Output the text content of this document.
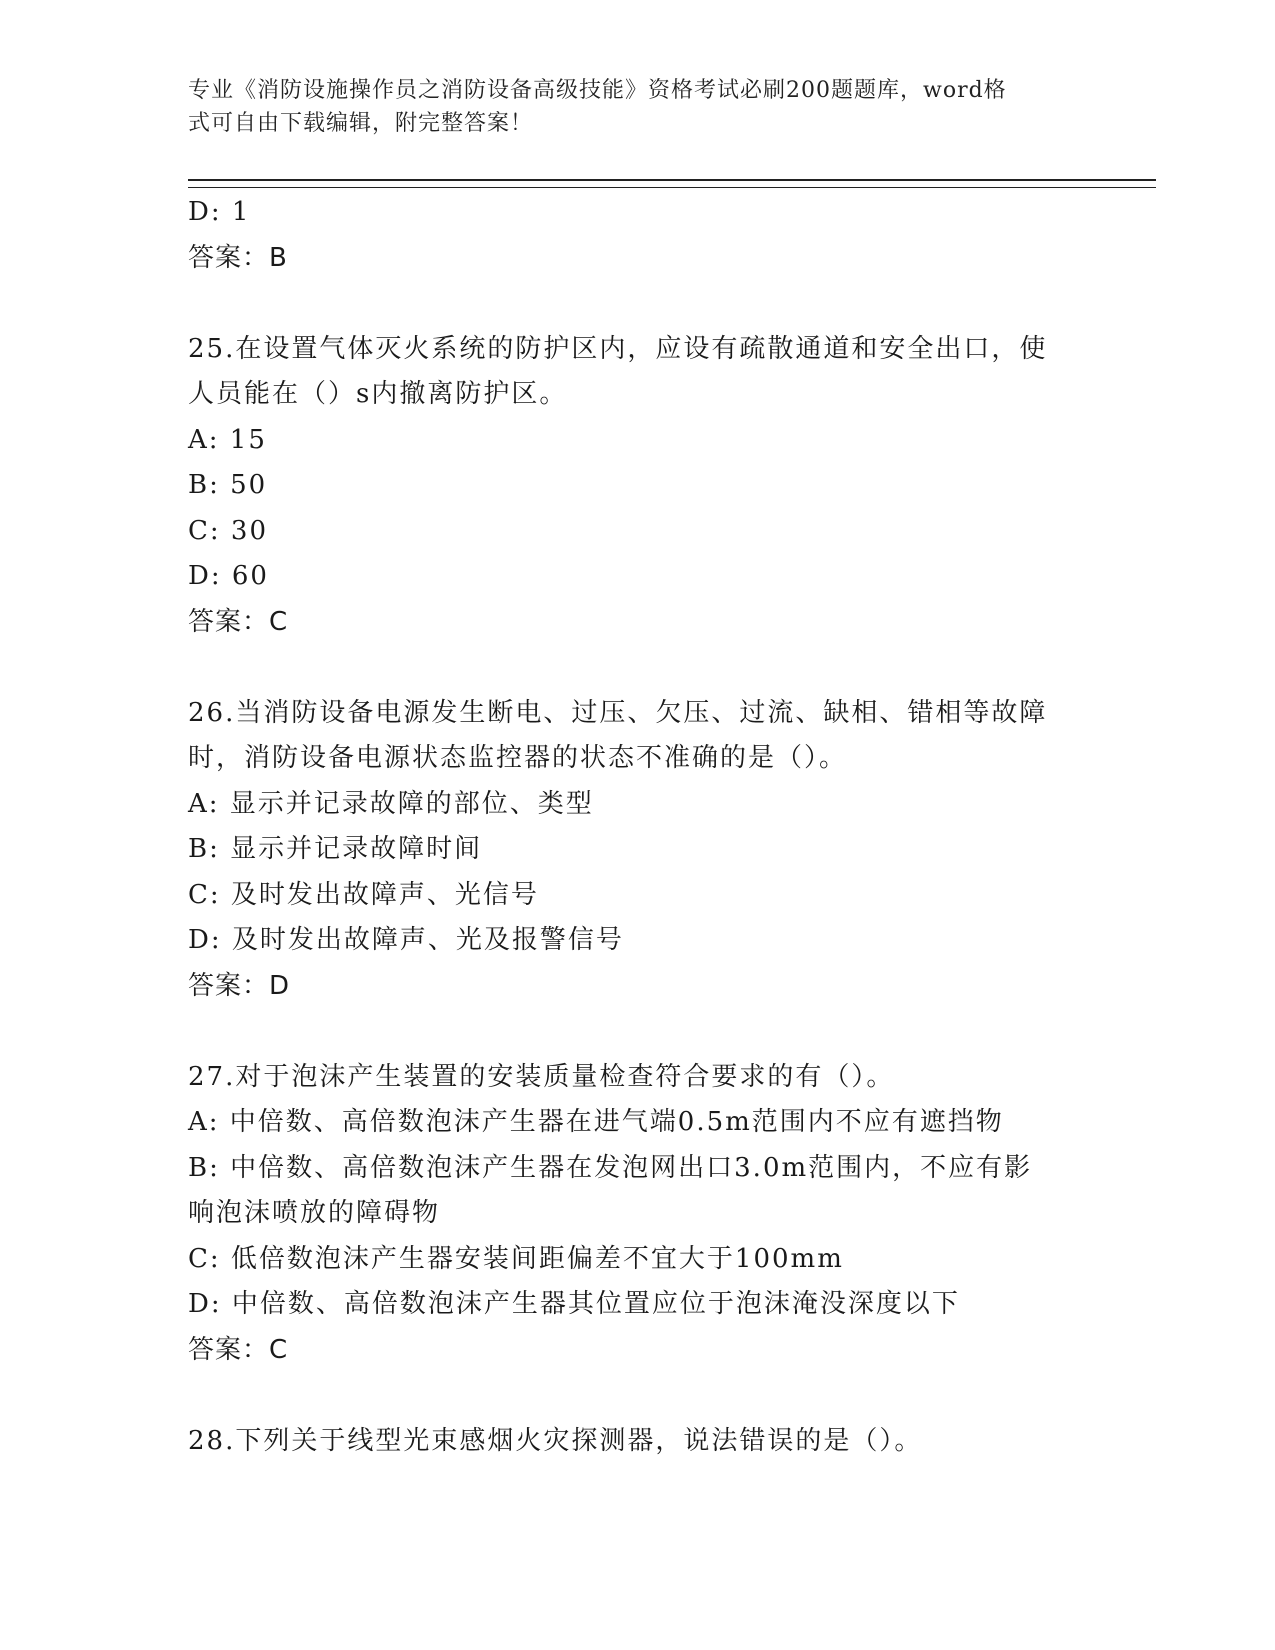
专业《消防设施操作员之消防设备高级技能》资格考试必刷200题题库，word格
式可自由下载编辑，附完整答案！
D: 1
答案：B
25.在设置气体灭火系统的防护区内，应设有疏散通道和安全出口，使
人员能在（）s内撤离防护区。
A: 15
B: 50
C: 30
D: 60
答案：C
26.当消防设备电源发生断电、过压、欠压、过流、缺相、错相等故障
时，消防设备电源状态监控器的状态不准确的是（）。
A: 显示并记录故障的部位、类型
B: 显示并记录故障时间
C: 及时发出故障声、光信号
D: 及时发出故障声、光及报警信号
答案：D
27.对于泡沫产生装置的安装质量检查符合要求的有（）。
A: 中倍数、高倍数泡沫产生器在进气端0.5m范围内不应有遮挡物
B: 中倍数、高倍数泡沫产生器在发泡网出口3.0m范围内，不应有影
响泡沫喷放的障碍物
C: 低倍数泡沫产生器安装间距偏差不宜大于100mm
D: 中倍数、高倍数泡沫产生器其位置应位于泡沫淹没深度以下
答案：C
28.下列关于线型光束感烟火灾探测器，说法错误的是（）。
